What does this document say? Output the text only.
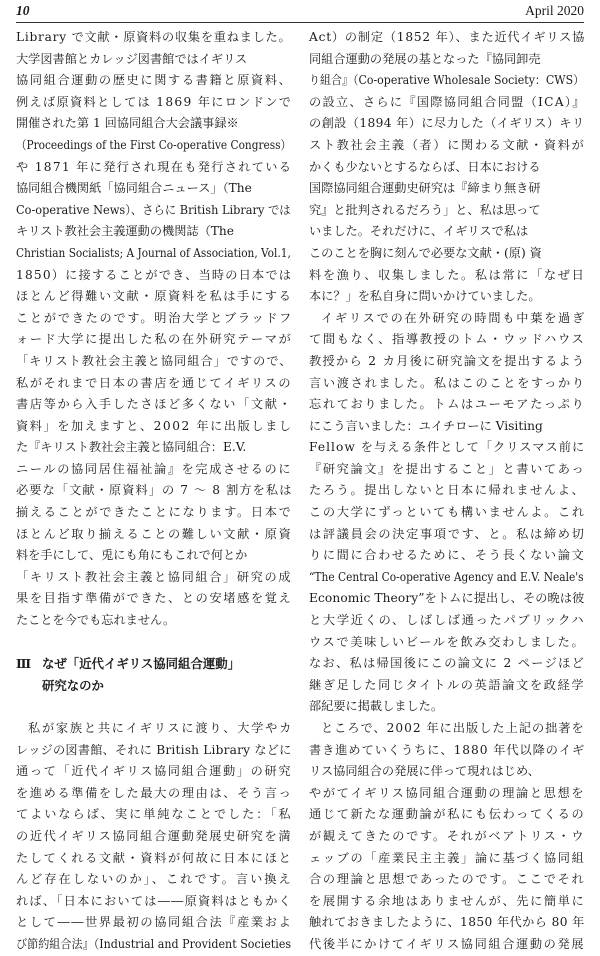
10	April 2020
Library で文献・原資料の収集を重ねました。
大学図書館とカレッジ図書館ではイギリス
協同組合運動の歴史に関する書籍と原資料、
例えば原資料としては 1869 年にロンドンで
開催された第 1 回協同組合大会議事録※
（Proceedings of the First Co-operative Congress）
や 1871 年に発行され現在も発行されている
協同組合機関紙「協同組合ニュース」（The
Co-operative News）、さらに British Library では
キリスト教社会主義運動の機関誌（The
Christian Socialists; A Journal of Association, Vol.1,
1850）に接することができ、当時の日本では
ほとんど得難い文献・原資料を私は手にする
ことができたのです。明治大学とブラッドフ
ォード大学に提出した私の在外研究テーマが
「キリスト教社会主義と協同組合」ですので、
私がそれまで日本の書店を通じてイギリスの
書店等から入手したさほど多くない「文献・
資料」を加えますと、2002 年に出版しまし
た『キリスト教社会主義と協同組合：E.V.
ニールの協同居住福祉論』を完成させるのに
必要な「文献・原資料」の 7 ～ 8 割方を私は
揃えることができたことになります。日本で
ほとんど取り揃えることの難しい文献・原資
料を手にして、兎にも角にもこれで何とか
「キリスト教社会主義と協同組合」研究の成
果を目指す準備ができた、との安堵感を覚え
たことを今でも忘れません。
Ⅲ なぜ「近代イギリス協同組合運動」
研究なのか
私が家族と共にイギリスに渡り、大学やカ
レッジの図書館、それに British Library などに
通って「近代イギリス協同組合運動」の研究
を進める準備をした最大の理由は、そう言っ
てよいならば、実に単純なことでした：「私
の近代イギリス協同組合運動発展史研究を満
たしてくれる文献・資料が何故に日本にほと
んど存在しないのか」、これです。言い換え
れば、「日本においては――原資料はともかく
として――世界最初の協同組合法『産業およ
び節約組合法』（Industrial and Provident Societies
Act）の制定（1852 年）、また近代イギリス協
同組合運動の発展の基となった『協同卸売
り組合』（Co-operative Wholesale Society：CWS）
の設立、さらに『国際協同組合同盟（ICA）』
の創設（1894 年）に尽力した（イギリス）キリ
スト教社会主義（者）に関わる文献・資料が
かくも少ないとするならば、日本における
国際協同組合運動史研究は『締まり無き研
究』と批判されるだろう」と、私は思って
いました。それだけに、イギリスで私は
このことを胸に刻んで必要な文献・(原) 資
料を漁り、収集しました。私は常に「なぜ日
本に？」を私自身に問いかけていました。
イギリスでの在外研究の時間も中葉を過ぎ
て間もなく、指導教授のトム・ウッドハウス
教授から 2 カ月後に研究論文を提出するよう
言い渡されました。私はこのことをすっかり
忘れておりました。トムはユーモアたっぷり
にこう言いました：ユイチローに Visiting
Fellow を与える条件として「クリスマス前に
『研究論文』を提出すること」と書いてあっ
たろう。提出しないと日本に帰れませんよ、
この大学にずっといても構いませんよ。これ
は評議員会の決定事項です、と。私は締め切
りに間に合わせるために、そう長くない論文
“The Central Co-operative Agency and E.V. Neale's
Economic Theory”をトムに提出し、その晩は彼
と大学近くの、しばしば通ったパブリックハ
ウスで美味しいビールを飲み交わしました。
なお、私は帰国後にこの論文に 2 ページほど
継ぎ足した同じタイトルの英語論文を政経学
部紀要に掲載しました。
ところで、2002 年に出版した上記の拙著を
書き進めていくうちに、1880 年代以降のイギ
リス協同組合の発展に伴って現れはじめ、
やがてイギリス協同組合運動の理論と思想を
通じて新たな運動論が私にも伝わってくるの
が観えてきたのです。それがベアトリス・ウ
ェッブの「産業民主主義」論に基づく協同組
合の理論と思想であったのです。ここでそれ
を展開する余地はありませんが、先に簡単に
触れておきましたように、1850 年代から 80 年
代後半にかけてイギリス協同組合運動の発展
